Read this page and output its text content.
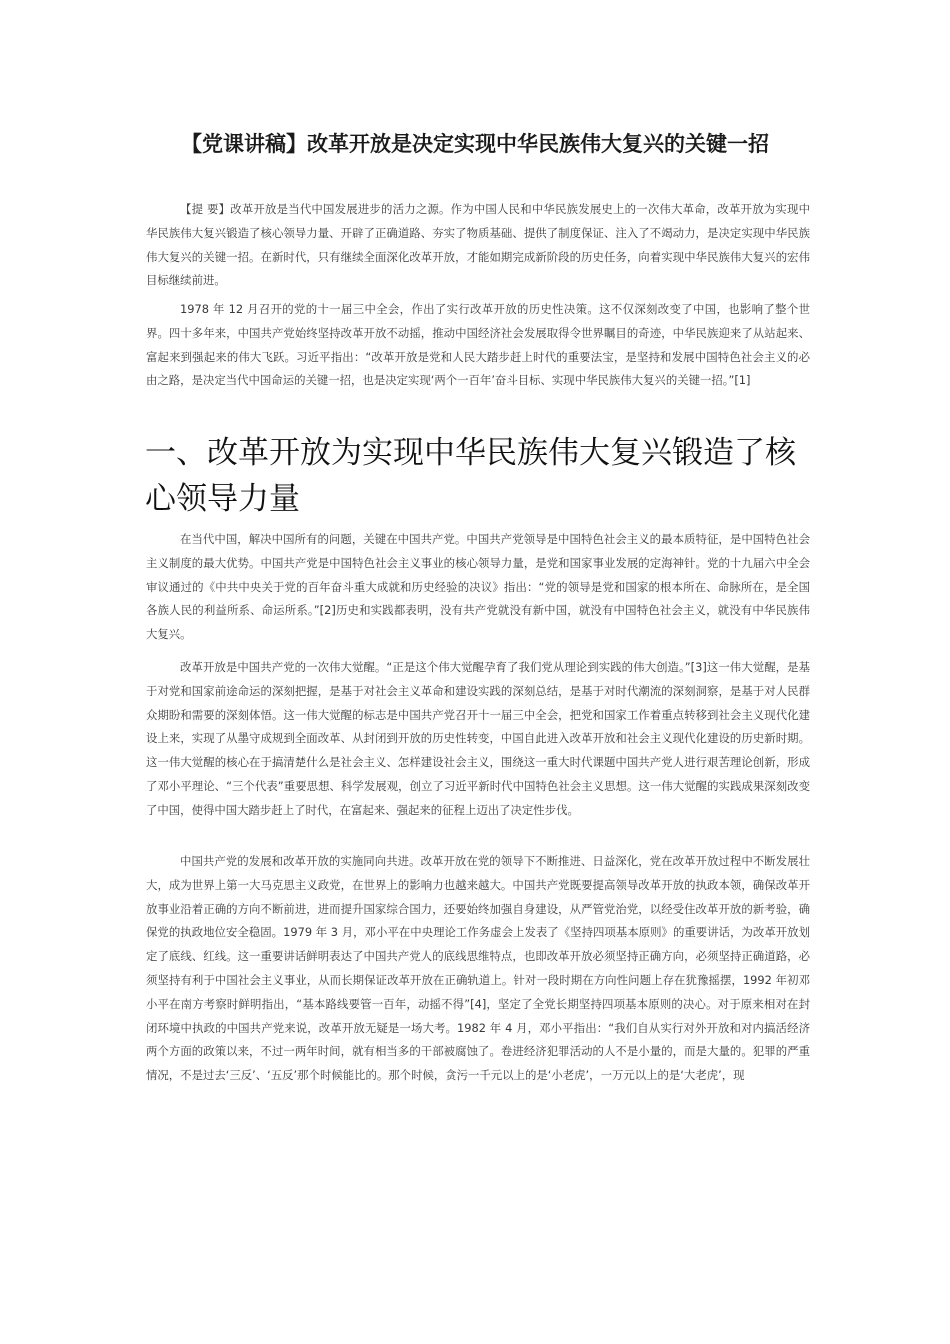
【党课讲稿】改革开放是决定实现中华民族伟大复兴的关键一招

【提 要】改革开放是当代中国发展进步的活力之源。作为中国人民和中华民族发展史上的一次伟大革命，改革开放为实现中华民族伟大复兴锻造了核心领导力量、开辟了正确道路、夯实了物质基础、提供了制度保证、注入了不竭动力，是决定实现中华民族伟大复兴的关键一招。在新时代，只有继续全面深化改革开放，才能如期完成新阶段的历史任务，向着实现中华民族伟大复兴的宏伟目标继续前进。

1978 年 12 月召开的党的十一届三中全会，作出了实行改革开放的历史性决策。这不仅深刻改变了中国，也影响了整个世界。四十多年来，中国共产党始终坚持改革开放不动摇，推动中国经济社会发展取得令世界瞩目的奇迹，中华民族迎来了从站起来、富起来到强起来的伟大飞跃。习近平指出：“改革开放是党和人民大踏步赶上时代的重要法宝，是坚持和发展中国特色社会主义的必由之路，是决定当代中国命运的关键一招，也是决定实现‘两个一百年’奋斗目标、实现中华民族伟大复兴的关键一招。”[1]

一、改革开放为实现中华民族伟大复兴锻造了核心领导力量

在当代中国，解决中国所有的问题，关键在中国共产党。中国共产党领导是中国特色社会主义的最本质特征，是中国特色社会主义制度的最大优势。中国共产党是中国特色社会主义事业的核心领导力量，是党和国家事业发展的定海神针。党的十九届六中全会审议通过的《中共中央关于党的百年奋斗重大成就和历史经验的决议》指出：“党的领导是党和国家的根本所在、命脉所在，是全国各族人民的利益所系、命运所系。”[2]历史和实践都表明，没有共产党就没有新中国，就没有中国特色社会主义，就没有中华民族伟大复兴。

改革开放是中国共产党的一次伟大觉醒。“正是这个伟大觉醒孕育了我们党从理论到实践的伟大创造。”[3]这一伟大觉醒，是基于对党和国家前途命运的深刻把握，是基于对社会主义革命和建设实践的深刻总结，是基于对时代潮流的深刻洞察，是基于对人民群众期盼和需要的深刻体悟。这一伟大觉醒的标志是中国共产党召开十一届三中全会，把党和国家工作着重点转移到社会主义现代化建设上来，实现了从墨守成规到全面改革、从封闭到开放的历史性转变，中国自此进入改革开放和社会主义现代化建设的历史新时期。这一伟大觉醒的核心在于搞清楚什么是社会主义、怎样建设社会主义，围绕这一重大时代课题中国共产党人进行艰苦理论创新，形成了邓小平理论、“三个代表”重要思想、科学发展观，创立了习近平新时代中国特色社会主义思想。这一伟大觉醒的实践成果深刻改变了中国，使得中国大踏步赶上了时代，在富起来、强起来的征程上迈出了决定性步伐。

中国共产党的发展和改革开放的实施同向共进。改革开放在党的领导下不断推进、日益深化，党在改革开放过程中不断发展壮大，成为世界上第一大马克思主义政党，在世界上的影响力也越来越大。中国共产党既要提高领导改革开放的执政本领，确保改革开放事业沿着正确的方向不断前进，进而提升国家综合国力，还要始终加强自身建设，从严管党治党，以经受住改革开放的新考验，确保党的执政地位安全稳固。1979 年 3 月，邓小平在中央理论工作务虚会上发表了《坚持四项基本原则》的重要讲话，为改革开放划定了底线、红线。这一重要讲话鲜明表达了中国共产党人的底线思维特点，也即改革开放必须坚持正确方向，必须坚持正确道路，必须坚持有利于中国社会主义事业，从而长期保证改革开放在正确轨道上。针对一段时期在方向性问题上存在犹豫摇摆，1992 年初邓小平在南方考察时鲜明指出，“基本路线要管一百年，动摇不得”[4]，坚定了全党长期坚持四项基本原则的决心。对于原来相对在封闭环境中执政的中国共产党来说，改革开放无疑是一场大考。1982 年 4 月，邓小平指出：“我们自从实行对外开放和对内搞活经济两个方面的政策以来，不过一两年时间，就有相当多的干部被腐蚀了。卷进经济犯罪活动的人不是小量的，而是大量的。犯罪的严重情况，不是过去‘三反’、‘五反’那个时候能比的。那个时候，贪污一千元以上的是‘小老虎’，一万元以上的是‘大老虎’，现
